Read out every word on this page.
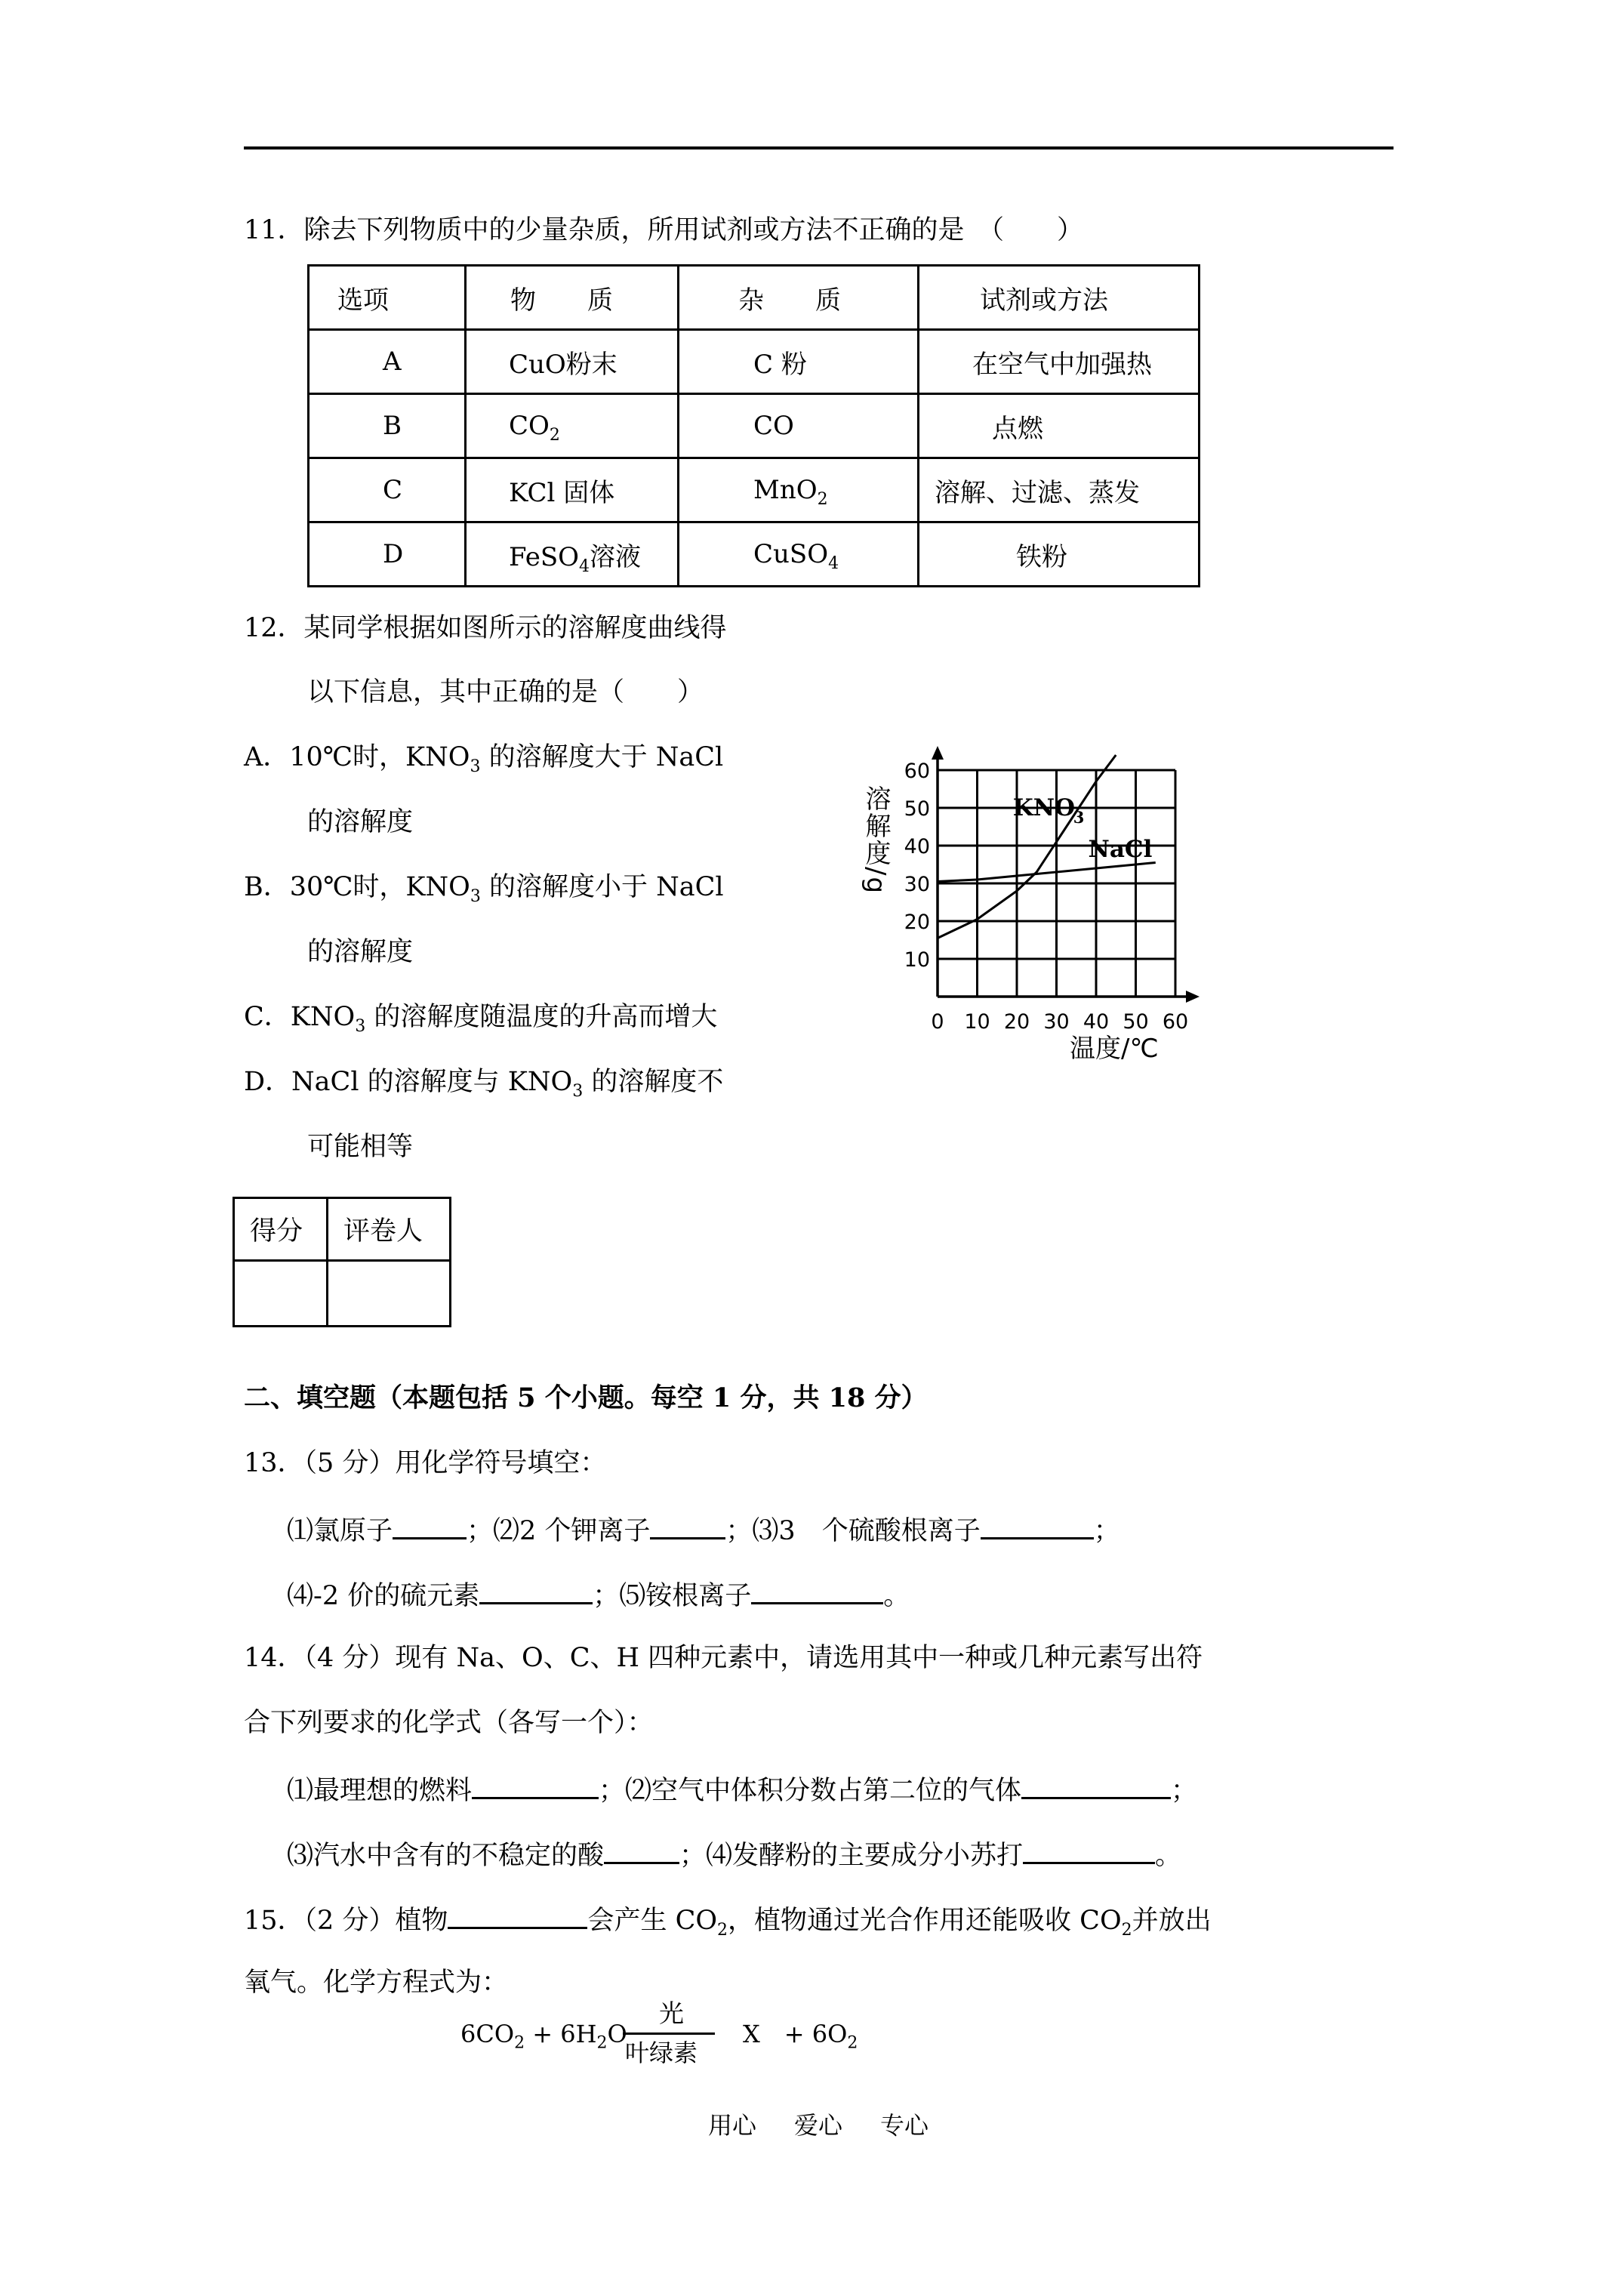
11．除去下列物质中的少量杂质，所用试剂或方法不正确的是　（　　）
选项	物　　质	杂　　质	试剂或方法
A	CuO粉末	C 粉	在空气中加强热
B	$CO_2$	CO	点燃
C	KCl 固体	MnO$_2$	溶解、过滤、蒸发
D	FeSO$_4$溶液	CuSO$_4$	铁粉
12．某同学根据如图所示的溶解度曲线得
以下信息，其中正确的是（　　）
A．10℃时，$KNO_3$ 的溶解度大于 NaCl
的溶解度
B．30℃时，$KNO_3$ 的溶解度小于 NaCl
的溶解度
C．$KNO_3$ 的溶解度随温度的升高而增大
D．NaCl 的溶解度与 $KNO_3$ 的溶解度不
可能相等
0 10 20 30 40 50 60
10
20
30
40
50
60
KNO
3
NaCl
溶解度/g
温度/℃
得分	评卷人

二、填空题（本题包括 5 个小题。每空 1 分，共 18 分）
13．（5 分）用化学符号填空：
⑴氯原子	；⑵2 个钾离子	；⑶3　个硫酸根离子	；
⑷-2 价的硫元素	；⑸铵根离子	。
14．（4 分）现有 Na、O、C、H 四种元素中，请选用其中一种或几种元素写出符
合下列要求的化学式（各写一个）：
⑴最理想的燃料	；⑵空气中体积分数占第二位的气体	；
⑶汽水中含有的不稳定的酸	；⑷发酵粉的主要成分小苏打	。
15．（2 分）植物	会产生 $CO_2$，植物通过光合作用还能吸收 $CO_2$并放出
氧气。化学方程式为：
光
叶绿素
$6CO_2 + 6H_2O$	X　+ $6O_2$
用心 爱心 专心
